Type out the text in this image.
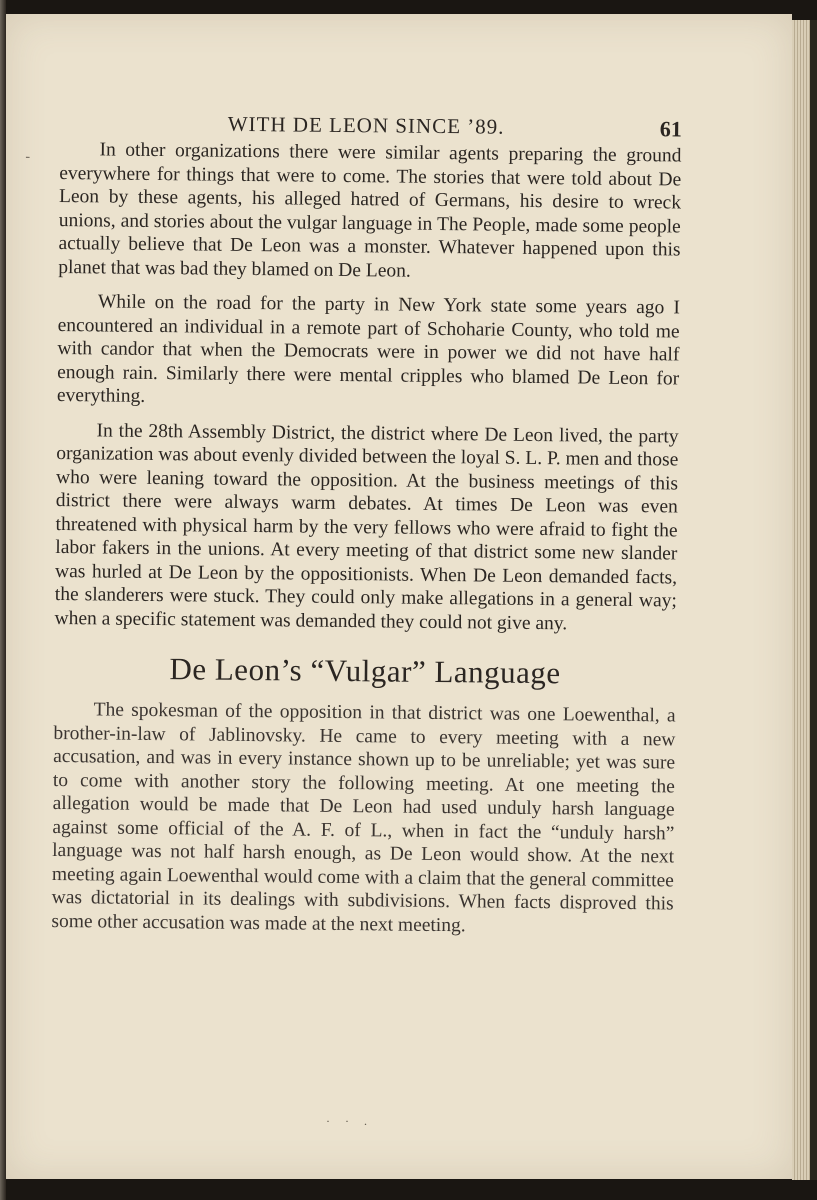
WITH DE LEON SINCE ’89.	61
-	In other organizations there were similar agents preparing the ground everywhere for things that were to come. The stories that were told about De Leon by these agents, his alleged hatred of Germans, his desire to wreck unions, and stories about the vulgar language in The People, made some people actually believe that De Leon was a monster. Whatever happened upon this planet that was bad they blamed on De Leon.

While on the road for the party in New York state some years ago I encountered an individual in a remote part of Schoharie County, who told me with candor that when the Democrats were in power we did not have half enough rain. Similarly there were mental cripples who blamed De Leon for everything.

In the 28th Assembly District, the district where De Leon lived, the party organization was about evenly divided between the loyal S. L. P. men and those who were leaning toward the opposition. At the business meetings of this district there were always warm debates. At times De Leon was even threatened with physical harm by the very fellows who were afraid to fight the labor fakers in the unions. At every meeting of that district some new slander was hurled at De Leon by the oppositionists. When De Leon demanded facts, the slanderers were stuck. They could only make allegations in a general way; when a specific statement was demanded they could not give any.

De Leon’s “Vulgar” Language

The spokesman of the opposition in that district was one Loewenthal, a brother-in-law of Jablinovsky. He came to every meeting with a new accusation, and was in every instance shown up to be unreliable; yet was sure to come with another story the following meeting. At one meeting the allegation would be made that De Leon had used unduly harsh language against some official of the A. F. of L., when in fact the “unduly harsh” language was not half harsh enough, as De Leon would show. At the next meeting again Loewenthal would come with a claim that the general committee was dictatorial in its dealings with subdivisions. When facts disproved this some other accusation was made at the next meeting.

· · .
